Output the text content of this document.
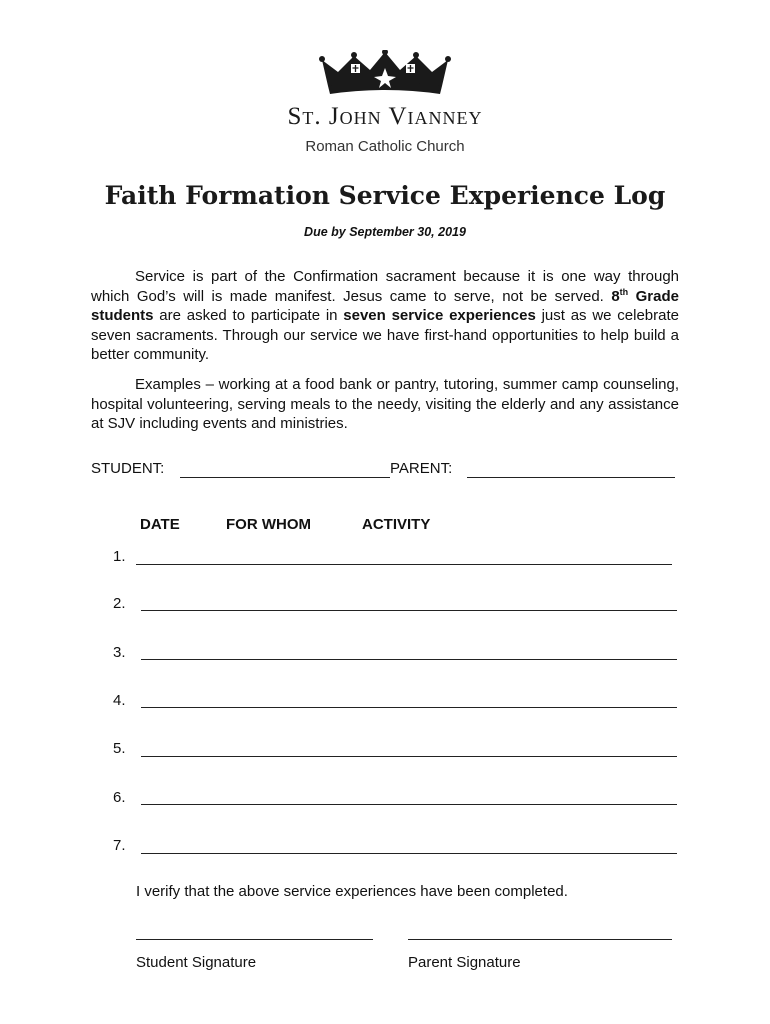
St. John Vianney
Roman Catholic Church
Faith Formation Service Experience Log
Due by September 30, 2019
Service is part of the Confirmation sacrament because it is one way through which God’s will is made manifest. Jesus came to serve, not be served. 8th Grade students are asked to participate in seven service experiences just as we celebrate seven sacraments. Through our service we have first-hand opportunities to help build a better community.
Examples – working at a food bank or pantry, tutoring, summer camp counseling, hospital volunteering, serving meals to the needy, visiting the elderly and any assistance at SJV including events and ministries.
STUDENT:	PARENT:
DATE	FOR WHOM	ACTIVITY
1.
2.
3.
4.
5.
6.
7.
I verify that the above service experiences have been completed.
Student Signature	Parent Signature
